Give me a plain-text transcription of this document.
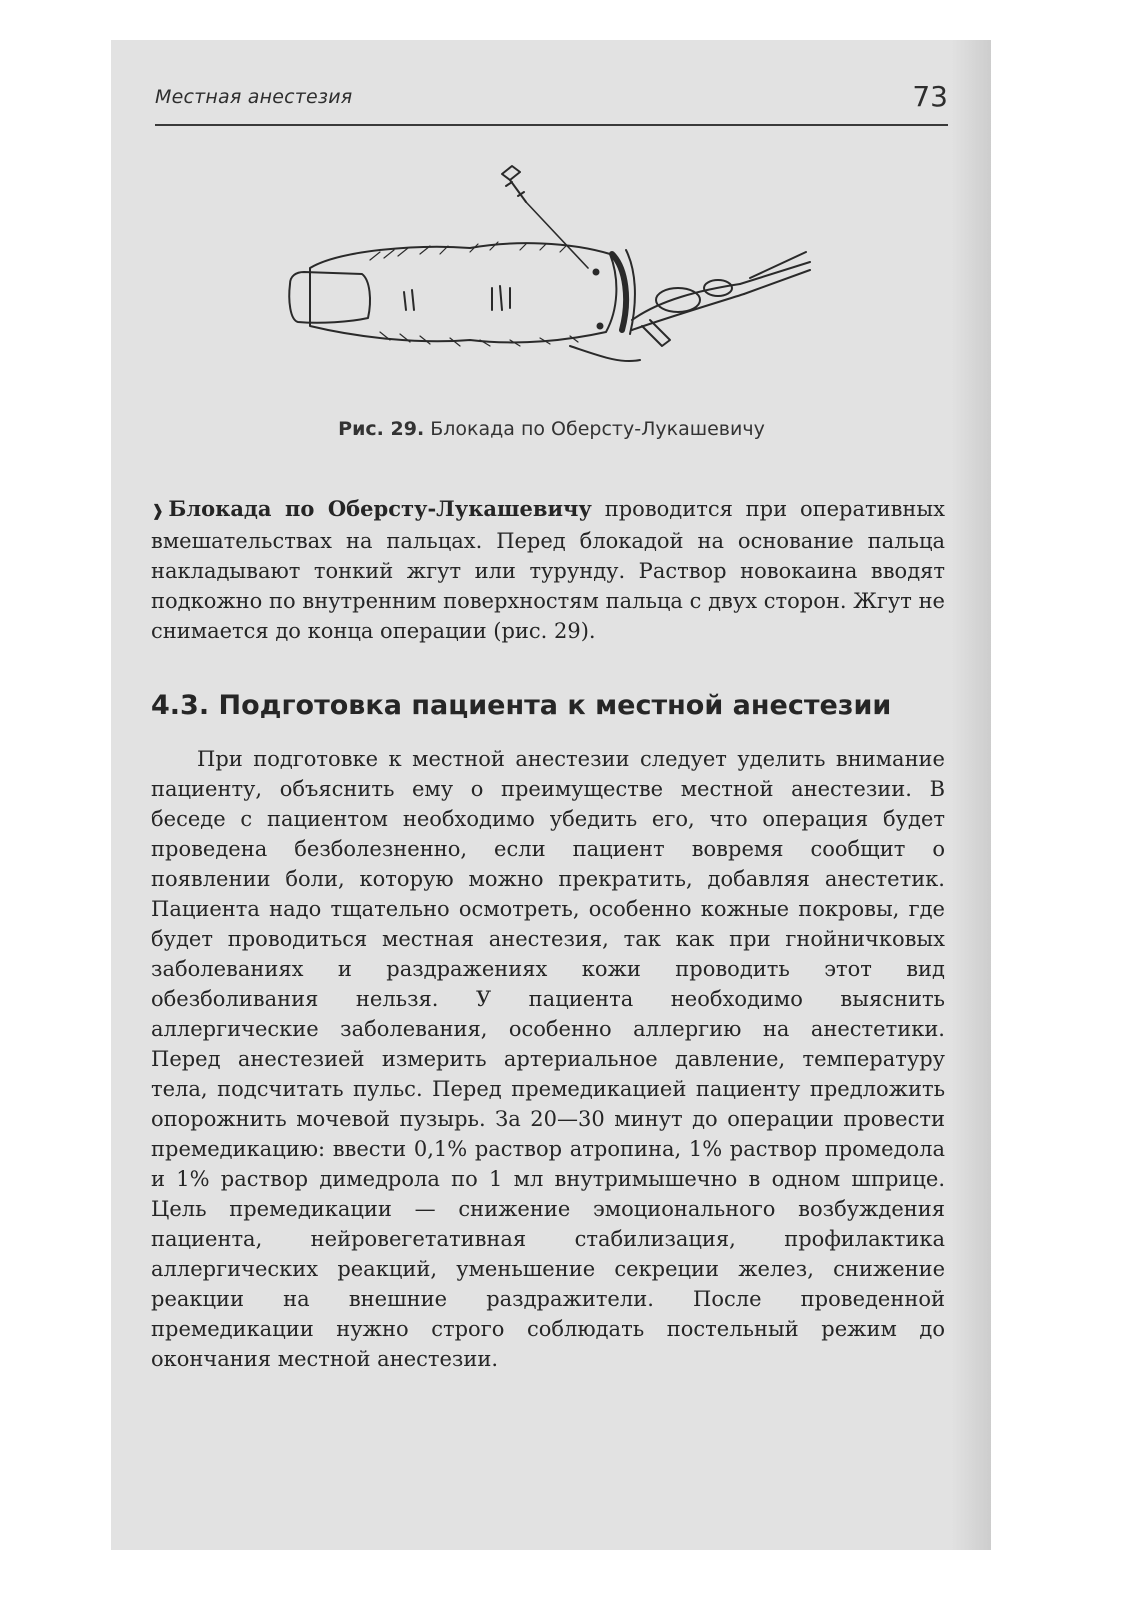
Местная анестезия	73
Рис. 29. Блокада по Оберсту-Лукашевичу

❱ Блокада по Оберсту-Лукашевичу проводится при оперативных вмешательствах на пальцах. Перед блокадой на основание пальца накладывают тонкий жгут или турунду. Раствор новокаина вводят подкожно по внутренним поверхностям пальца с двух сторон. Жгут не снимается до конца операции (рис. 29).

4.3. Подготовка пациента к местной анестезии

При подготовке к местной анестезии следует уделить внимание пациенту, объяснить ему о преимуществе местной анестезии. В беседе с пациентом необходимо убедить его, что операция будет проведена безболезненно, если пациент вовремя сообщит о появлении боли, которую можно прекратить, добавляя анестетик. Пациента надо тщательно осмотреть, особенно кожные покровы, где будет проводиться местная анестезия, так как при гнойничковых заболеваниях и раздражениях кожи проводить этот вид обезболивания нельзя. У пациента необходимо выяснить аллергические заболевания, особенно аллергию на анестетики. Перед анестезией измерить артериальное давление, температуру тела, подсчитать пульс. Перед премедикацией пациенту предложить опорожнить мочевой пузырь. За 20—30 минут до операции провести премедикацию: ввести 0,1% раствор атропина, 1% раствор промедола и 1% раствор димедрола по 1 мл внутримышечно в одном шприце. Цель премедикации — снижение эмоционального возбуждения пациента, нейровегетативная стабилизация, профилактика аллергических реакций, уменьшение секреции желез, снижение реакции на внешние раздражители. После проведенной премедикации нужно строго соблюдать постельный режим до окончания местной анестезии.
